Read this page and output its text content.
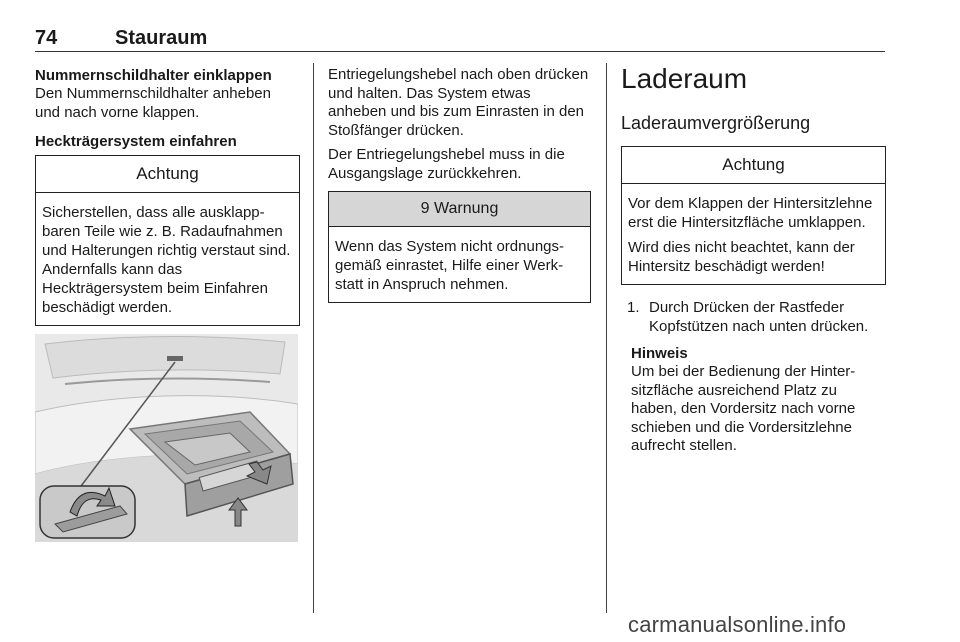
74	Stauraum
Nummernschildhalter einklappen

Den Nummernschildhalter anheben und nach vorne klappen.

Heckträgersystem einfahren
Achtung
Sicherstellen, dass alle ausklappbaren Teile wie z. B. Radaufnahmen und Halterungen richtig verstaut sind. Andernfalls kann das Heckträgersystem beim Einfahren beschädigt werden.

Entriegelungshebel nach oben drücken und halten. Das System etwas anheben und bis zum Einrasten in den Stoßfänger drücken.

Der Entriegelungshebel muss in die Ausgangslage zurückkehren.

9 Warnung
Wenn das System nicht ordnungsgemäß einrastet, Hilfe einer Werkstatt in Anspruch nehmen.
Laderaum
Laderaumvergrößerung
Achtung
Vor dem Klappen der Hintersitzlehne erst die Hintersitzfläche umklappen.
Wird dies nicht beachtet, kann der Hintersitz beschädigt werden!
1. Durch Drücken der Rastfeder Kopfstützen nach unten drücken.
Hinweis

Um bei der Bedienung der Hintersitzfläche ausreichend Platz zu haben, den Vordersitz nach vorne schieben und die Vordersitzlehne aufrecht stellen.

carmanualsonline.info
